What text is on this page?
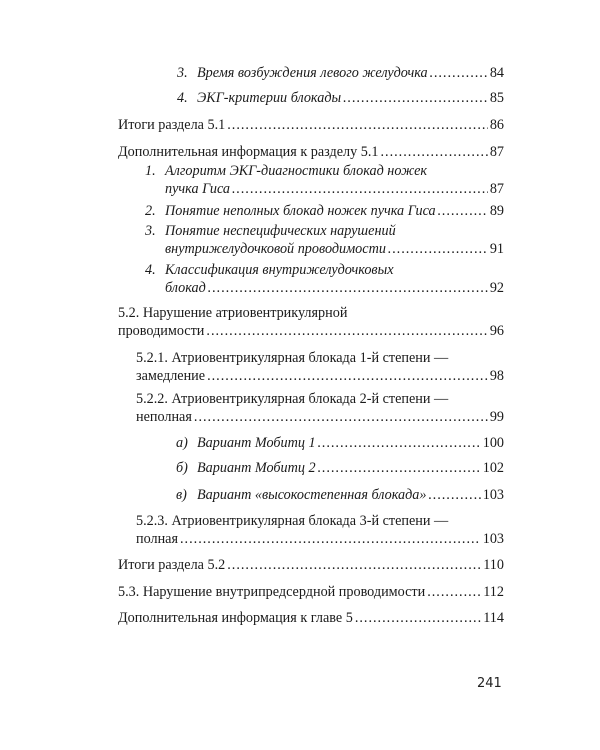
3. Время возбуждения левого желудочка .....	84
4. ЭКГ-критерии блокады .....	85
Итоги раздела 5.1 .....	86
Дополнительная информация к разделу 5.1 .....	87
1. Алгоритм ЭКГ-диагностики блокад ножек
пучка Гиса .....	87
2. Понятие неполных блокад ножек пучка Гиса .....	89
3. Понятие неспецифических нарушений
внутрижелудочковой проводимости .....	91
4. Классификация внутрижелудочковых
блокад .....	92
5.2. Нарушение атриовентрикулярной
проводимости .....	96
5.2.1. Атриовентрикулярная блокада 1-й степени —
замедление .....	98
5.2.2. Атриовентрикулярная блокада 2-й степени —
неполная .....	99
а) Вариант Мобитц 1 .....	100
б) Вариант Мобитц 2 .....	102
в) Вариант «высокостепенная блокада» .....	103
5.2.3. Атриовентрикулярная блокада 3-й степени —
полная .....	103
Итоги раздела 5.2 .....	110
5.3. Нарушение внутрипредсердной проводимости .....	112
Дополнительная информация к главе 5 .....	114
241
